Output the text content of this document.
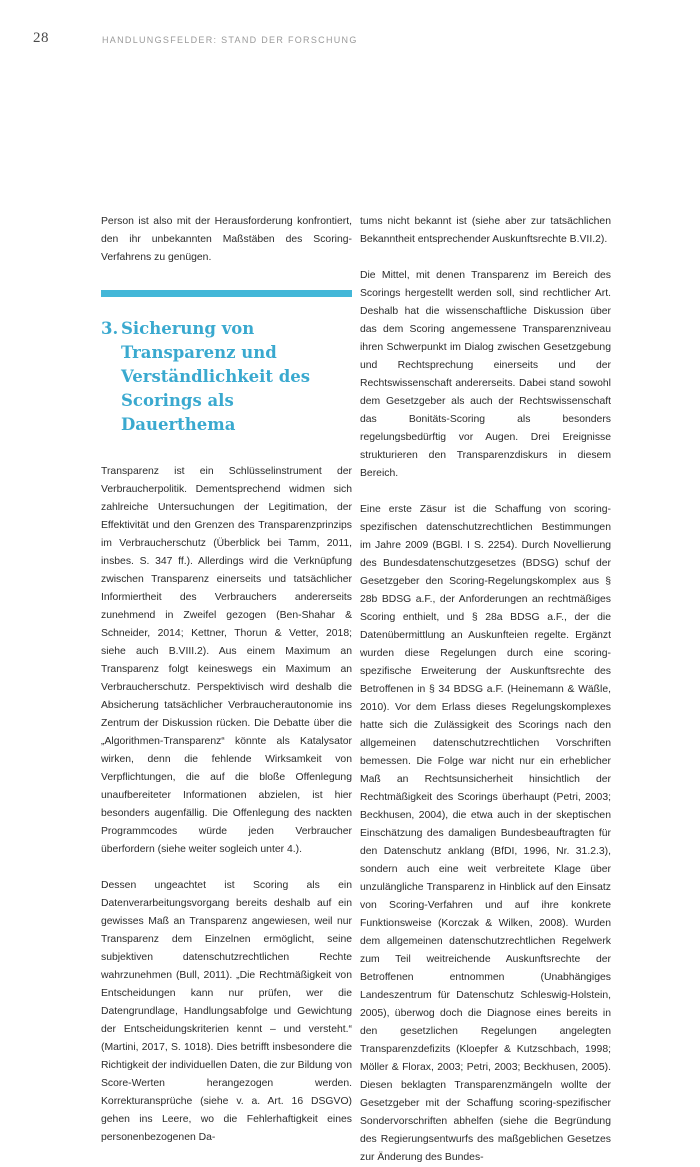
28	HANDLUNGSFELDER: STAND DER FORSCHUNG

Person ist also mit der Herausforderung konfrontiert, den ihr unbekannten Maßstäben des Scoring-Verfahrens zu genügen.

3. Sicherung von Transparenz und Verständlichkeit des Scorings als Dauerthema

Transparenz ist ein Schlüsselinstrument der Verbraucherpolitik. Dementsprechend widmen sich zahlreiche Untersuchungen der Legitimation, der Effektivität und den Grenzen des Transparenzprinzips im Verbraucherschutz (Überblick bei Tamm, 2011, insbes. S. 347 ff.). Allerdings wird die Verknüpfung zwischen Transparenz einerseits und tatsächlicher Informiertheit des Verbrauchers andererseits zunehmend in Zweifel gezogen (Ben-Shahar & Schneider, 2014; Kettner, Thorun & Vetter, 2018; siehe auch B.VIII.2). Aus einem Maximum an Transparenz folgt keineswegs ein Maximum an Verbraucherschutz. Perspektivisch wird deshalb die Absicherung tatsächlicher Verbraucherautonomie ins Zentrum der Diskussion rücken. Die Debatte über die „Algorithmen-Transparenz“ könnte als Katalysator wirken, denn die fehlende Wirksamkeit von Verpflichtungen, die auf die bloße Offenlegung unaufbereiteter Informationen abzielen, ist hier besonders augenfällig. Die Offenlegung des nackten Programmcodes würde jeden Verbraucher überfordern (siehe weiter sogleich unter 4.).

Dessen ungeachtet ist Scoring als ein Datenverarbeitungsvorgang bereits deshalb auf ein gewisses Maß an Transparenz angewiesen, weil nur Transparenz dem Einzelnen ermöglicht, seine subjektiven datenschutzrechtlichen Rechte wahrzunehmen (Bull, 2011). „Die Rechtmäßigkeit von Entscheidungen kann nur prüfen, wer die Datengrundlage, Handlungsabfolge und Gewichtung der Entscheidungskriterien kennt – und versteht.“ (Martini, 2017, S. 1018). Dies betrifft insbesondere die Richtigkeit der individuellen Daten, die zur Bildung von Score-Werten herangezogen werden. Korrekturansprüche (siehe v. a. Art. 16 DSGVO) gehen ins Leere, wo die Fehlerhaftigkeit eines personenbezogenen Da-

tums nicht bekannt ist (siehe aber zur tatsächlichen Bekanntheit entsprechender Auskunftsrechte B.VII.2).

Die Mittel, mit denen Transparenz im Bereich des Scorings hergestellt werden soll, sind rechtlicher Art. Deshalb hat die wissenschaftliche Diskussion über das dem Scoring angemessene Transparenzniveau ihren Schwerpunkt im Dialog zwischen Gesetzgebung und Rechtsprechung einerseits und der Rechtswissenschaft andererseits. Dabei stand sowohl dem Gesetzgeber als auch der Rechtswissenschaft das Bonitäts-Scoring als besonders regelungsbedürftig vor Augen. Drei Ereignisse strukturieren den Transparenzdiskurs in diesem Bereich.

Eine erste Zäsur ist die Schaffung von scoring-spezifischen datenschutzrechtlichen Bestimmungen im Jahre 2009 (BGBl. I S. 2254). Durch Novellierung des Bundesdatenschutzgesetzes (BDSG) schuf der Gesetzgeber den Scoring-Regelungskomplex aus § 28b BDSG a.F., der Anforderungen an rechtmäßiges Scoring enthielt, und § 28a BDSG a.F., der die Datenübermittlung an Auskunfteien regelte. Ergänzt wurden diese Regelungen durch eine scoring-spezifische Erweiterung der Auskunftsrechte des Betroffenen in § 34 BDSG a.F. (Heinemann & Wäßle, 2010). Vor dem Erlass dieses Regelungskomplexes hatte sich die Zulässigkeit des Scorings nach den allgemeinen datenschutzrechtlichen Vorschriften bemessen. Die Folge war nicht nur ein erheblicher Maß an Rechtsunsicherheit hinsichtlich der Rechtmäßigkeit des Scorings überhaupt (Petri, 2003; Beckhusen, 2004), die etwa auch in der skeptischen Einschätzung des damaligen Bundesbeauftragten für den Datenschutz anklang (BfDI, 1996, Nr. 31.2.3), sondern auch eine weit verbreitete Klage über unzulängliche Transparenz in Hinblick auf den Einsatz von Scoring-Verfahren und auf ihre konkrete Funktionsweise (Korczak & Wilken, 2008). Wurden dem allgemeinen datenschutzrechtlichen Regelwerk zum Teil weitreichende Auskunftsrechte der Betroffenen entnommen (Unabhängiges Landeszentrum für Datenschutz Schleswig-Holstein, 2005), überwog doch die Diagnose eines bereits in den gesetzlichen Regelungen angelegten Transparenzdefizits (Kloepfer & Kutzschbach, 1998; Möller & Florax, 2003; Petri, 2003; Beckhusen, 2005). Diesen beklagten Transparenzmängeln wollte der Gesetzgeber mit der Schaffung scoring-spezifischer Sondervorschriften abhelfen (siehe die Begründung des Regierungsentwurfs des maßgeblichen Gesetzes zur Änderung des Bundes-
